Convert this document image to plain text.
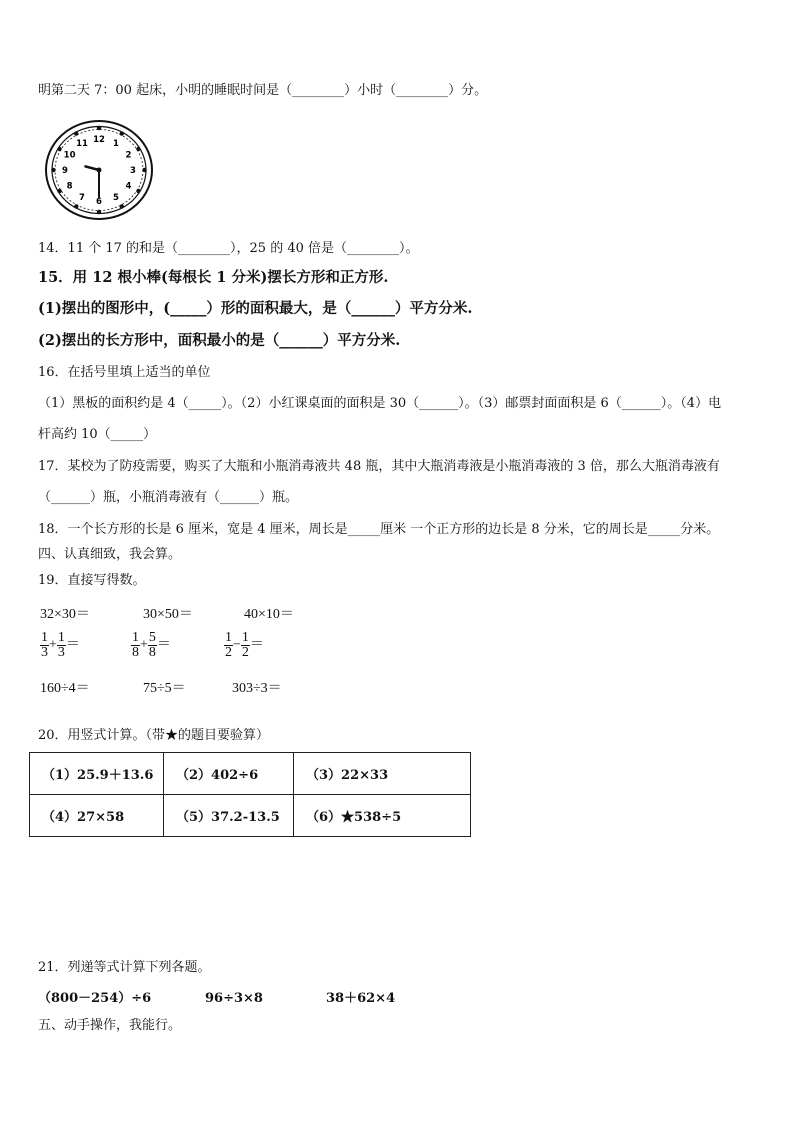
明第二天 7：00 起床，小明的睡眠时间是（________）小时（________）分。
12 1
2
3
4
5
6
7
8
9
10
11
14．11 个 17 的和是（________），25 的 40 倍是（________）。
15．用 12 根小棒(每根长 1 分米)摆长方形和正方形.
(1)摆出的图形中，(_____）形的面积最大，是（______）平方分米.
(2)摆出的长方形中，面积最小的是（______）平方分米.
16．在括号里填上适当的单位
（1）黑板的面积约是 4（_____）。（2）小红课桌面的面积是 30（______）。（3）邮票封面面积是 6（______）。（4）电
杆高约 10（_____）
17．某校为了防疫需要，购买了大瓶和小瓶消毒液共 48 瓶，其中大瓶消毒液是小瓶消毒液的 3 倍，那么大瓶消毒液有
（______）瓶，小瓶消毒液有（______）瓶。
18．一个长方形的长是 6 厘米，宽是 4 厘米，周长是_____厘米 一个正方形的边长是 8 分米，它的周长是_____分米。
四、认真细致，我会算。
19．直接写得数。
32×30＝	30×50＝	40×10＝
$\frac{1}{3} + \frac{1}{3}$ ＝	$\frac{1}{8} + \frac{5}{8}$ ＝	$\frac{1}{2} - \frac{1}{2}$ ＝
160÷4＝	75÷5＝	303÷3＝
20．用竖式计算。（带★的题目要验算）
（1）25.9＋13.6	（2）402÷6	（3）22×33
（4）27×58	（5）37.2-13.5	（6）★538÷5
21．列递等式计算下列各题。
（800－254）÷6	96÷3×8	38＋62×4
五、动手操作，我能行。
